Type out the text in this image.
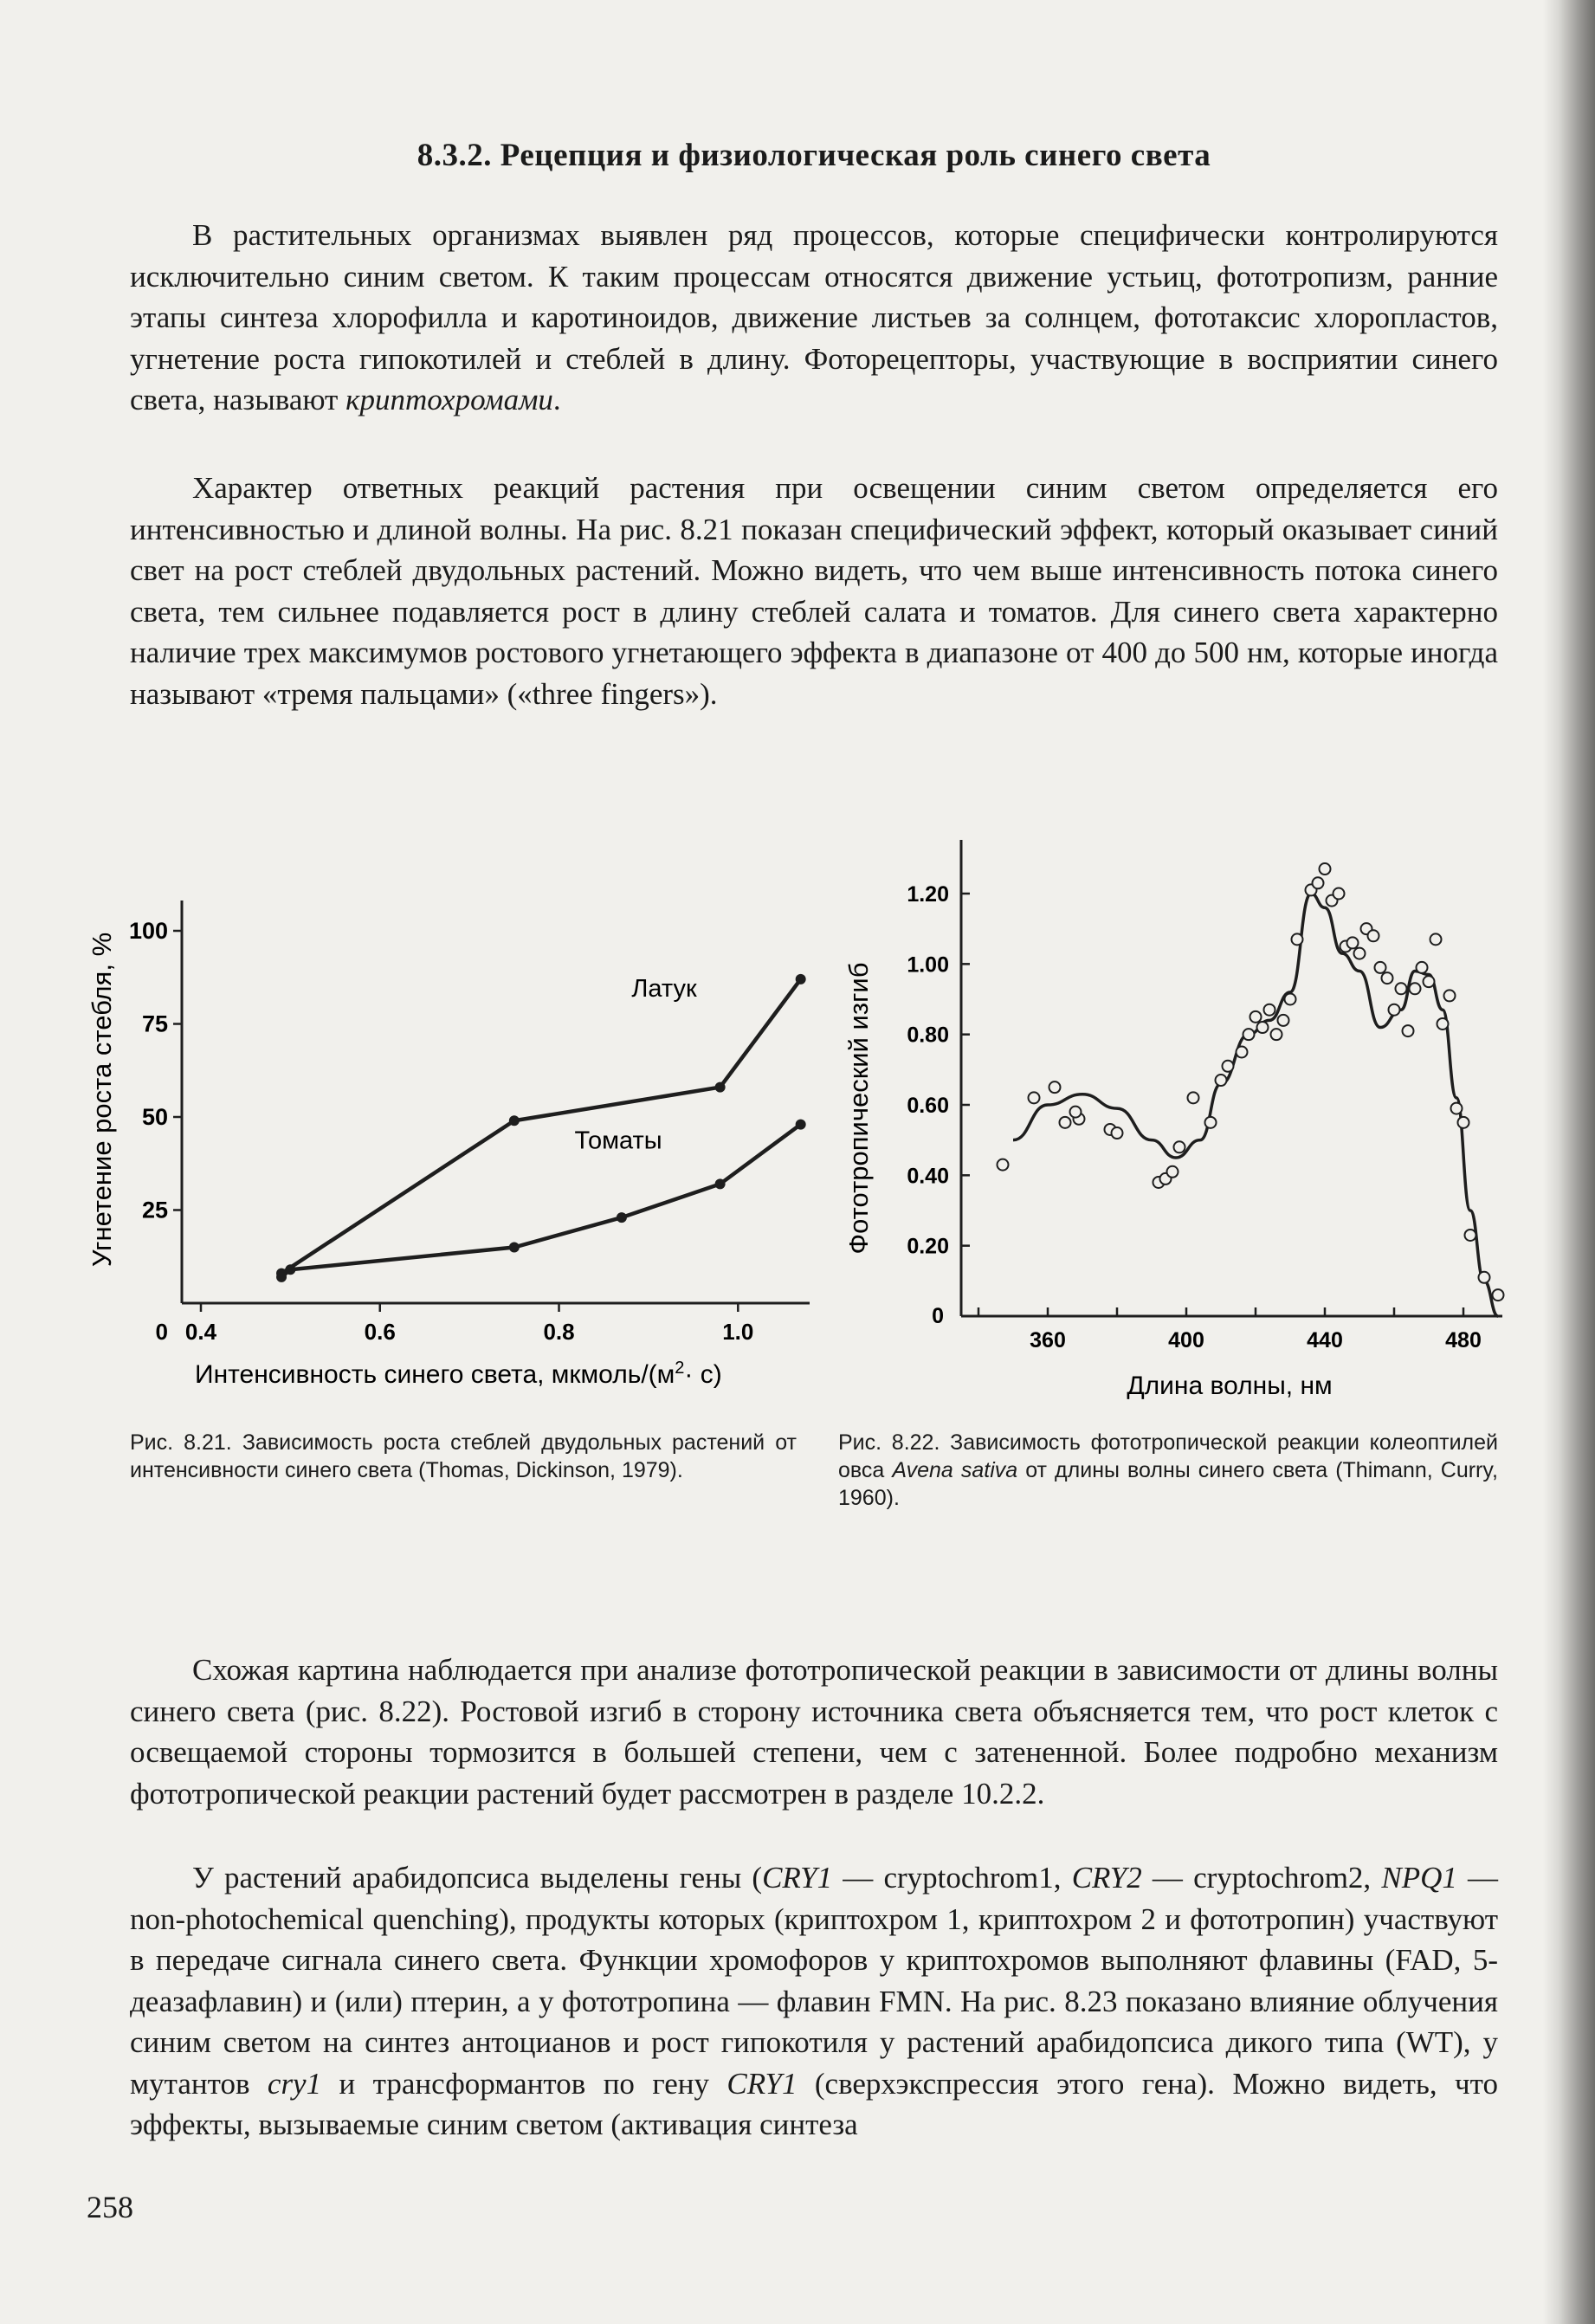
8.3.2. Рецепция и физиологическая роль синего света

В растительных организмах выявлен ряд процессов, которые специфически контролируются исключительно синим светом. К таким процессам относятся движение устьиц, фототропизм, ранние этапы синтеза хлорофилла и каротиноидов, движение листьев за солнцем, фототаксис хлоропластов, угнетение роста гипокотилей и стеблей в длину. Фоторецепторы, участвующие в восприятии синего света, называют криптохромами.

Характер ответных реакций растения при освещении синим светом определяется его интенсивностью и длиной волны. На рис. 8.21 показан специфический эффект, который оказывает синий свет на рост стеблей двудольных растений. Можно видеть, что чем выше интенсивность потока синего света, тем сильнее подавляется рост в длину стеблей салата и томатов. Для синего света характерно наличие трех максимумов ростового угнетающего эффекта в диапазоне от 400 до 500 нм, которые иногда называют «тремя пальцами» («three fingers»).

0
25
50
75
100
0.4	0.6	0.8	1.0
Интенсивность синего света, мкмоль/$(м^2\cdot с)$
Угнетение роста стебля, %	Латук
Томаты

Рис. 8.21. Зависимость роста стеблей двудольных растений от интенсивности синего света (Thomas, Dickinson, 1979).

0
0.20
0.40
0.60
0.80
1.00
1.20
360	400	440	480
Длина волны, нм
Фототропический изгиб

Рис. 8.22. Зависимость фототропической реакции колеоптилей овса Avena sativa от длины волны синего света (Thimann, Curry, 1960).

Схожая картина наблюдается при анализе фототропической реакции в зависимости от длины волны синего света (рис. 8.22). Ростовой изгиб в сторону источника света объясняется тем, что рост клеток с освещаемой стороны тормозится в большей степени, чем с затененной. Более подробно механизм фототропической реакции растений будет рассмотрен в разделе 10.2.2.

У растений арабидопсиса выделены гены (CRY1 — cryptochrom1, CRY2 — cryptochrom2, NPQ1 — non-photochemical quenching), продукты которых (криптохром 1, криптохром 2 и фототропин) участвуют в передаче сигнала синего света. Функции хромофоров у криптохромов выполняют флавины (FAD, 5-деазафлавин) и (или) птерин, а у фототропина — флавин FMN. На рис. 8.23 показано влияние облучения синим светом на синтез антоцианов и рост гипокотиля у растений арабидопсиса дикого типа (WT), у мутантов cry1 и трансформантов по гену CRY1 (сверхэкспрессия этого гена). Можно видеть, что эффекты, вызываемые синим светом (активация синтеза

258
